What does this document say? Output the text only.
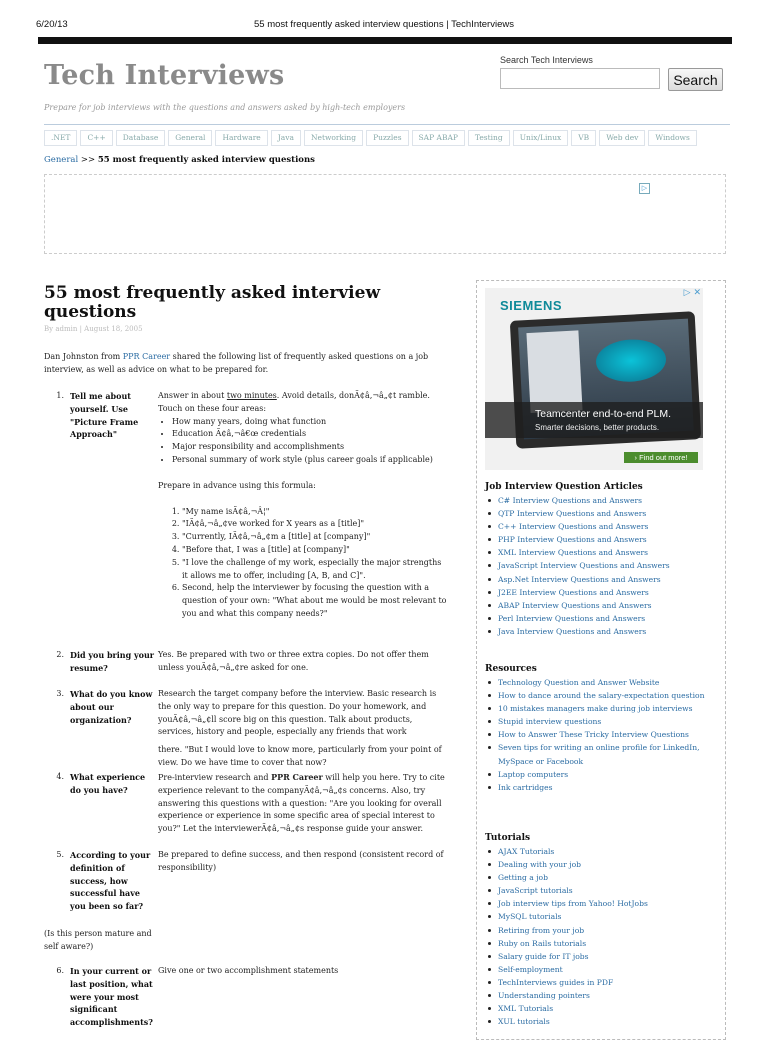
6/20/13	55 most frequently asked interview questions | TechInterviews
Tech Interviews	Search Tech Interviews
Search
Prepare for job interviews with the questions and answers asked by high-tech employers
.NET	C++	Database	General	Hardware	Java	Networking	Puzzles	SAP ABAP	Testing	Unix/Linux	VB	Web dev	Windows
General >> 55 most frequently asked interview questions
▷
55 most frequently asked interview questions
By admin | August 18, 2005
Dan Johnston from PPR Career shared the following list of frequently asked questions on a job interview, as well as advice on what to be prepared for.
1. Tell me about yourself. Use "Picture Frame Approach"
Answer in about two minutes. Avoid details, donÃ¢â‚¬â„¢t ramble. Touch on these four areas:
• How many years, doing what function
• Education Ã¢â‚¬â€œ credentials
• Major responsibility and accomplishments
• Personal summary of work style (plus career goals if applicable)
Prepare in advance using this formula:
1. "My name isÃ¢â‚¬Â¦"
2. "IÃ¢â‚¬â„¢ve worked for X years as a [title]"
3. "Currently, IÃ¢â‚¬â„¢m a [title] at [company]"
4. "Before that, I was a [title] at [company]"
5. "I love the challenge of my work, especially the major strengths it allows me to offer, including [A, B, and C]".
6. Second, help the interviewer by focusing the question with a question of your own: "What about me would be most relevant to you and what this company needs?"
2. Did you bring your resume?
Yes. Be prepared with two or three extra copies. Do not offer them unless youÃ¢â‚¬â„¢re asked for one.
3. What do you know about our organization?
Research the target company before the interview. Basic research is the only way to prepare for this question. Do your homework, and youÃ¢â‚¬â„¢ll score big on this question. Talk about products, services, history and people, especially any friends that work
there. "But I would love to know more, particularly from your point of view. Do we have time to cover that now?
4. What experience do you have?
Pre-interview research and PPR Career will help you here. Try to cite experience relevant to the companyÃ¢â‚¬â„¢s concerns. Also, try answering this questions with a question: "Are you looking for overall experience or experience in some specific area of special interest to you?" Let the interviewerÃ¢â‚¬â„¢s response guide your answer.
5. According to your definition of success, how successful have you been so far?
Be prepared to define success, and then respond (consistent record of responsibility)
(Is this person mature and self aware?)
6. In your current or last position, what were your most significant accomplishments?
Give one or two accomplishment statements
▷ ✕
SIEMENS
Teamcenter end-to-end PLM.
Smarter decisions, better products.
› Find out more!
Job Interview Question Articles
C# Interview Questions and Answers
QTP Interview Questions and Answers
C++ Interview Questions and Answers
PHP Interview Questions and Answers
XML Interview Questions and Answers
JavaScript Interview Questions and Answers
Asp.Net Interview Questions and Answers
J2EE Interview Questions and Answers
ABAP Interview Questions and Answers
Perl Interview Questions and Answers
Java Interview Questions and Answers
Resources
Technology Question and Answer Website
How to dance around the salary-expectation question
10 mistakes managers make during job interviews
Stupid interview questions
How to Answer These Tricky Interview Questions
Seven tips for writing an online profile for LinkedIn, MySpace or Facebook
Laptop computers
Ink cartridges
Tutorials
AJAX Tutorials
Dealing with your job
Getting a job
JavaScript tutorials
Job interview tips from Yahoo! HotJobs
MySQL tutorials
Retiring from your job
Ruby on Rails tutorials
Salary guide for IT jobs
Self-employment
TechInterviews guides in PDF
Understanding pointers
XML Tutorials
XUL tutorials
